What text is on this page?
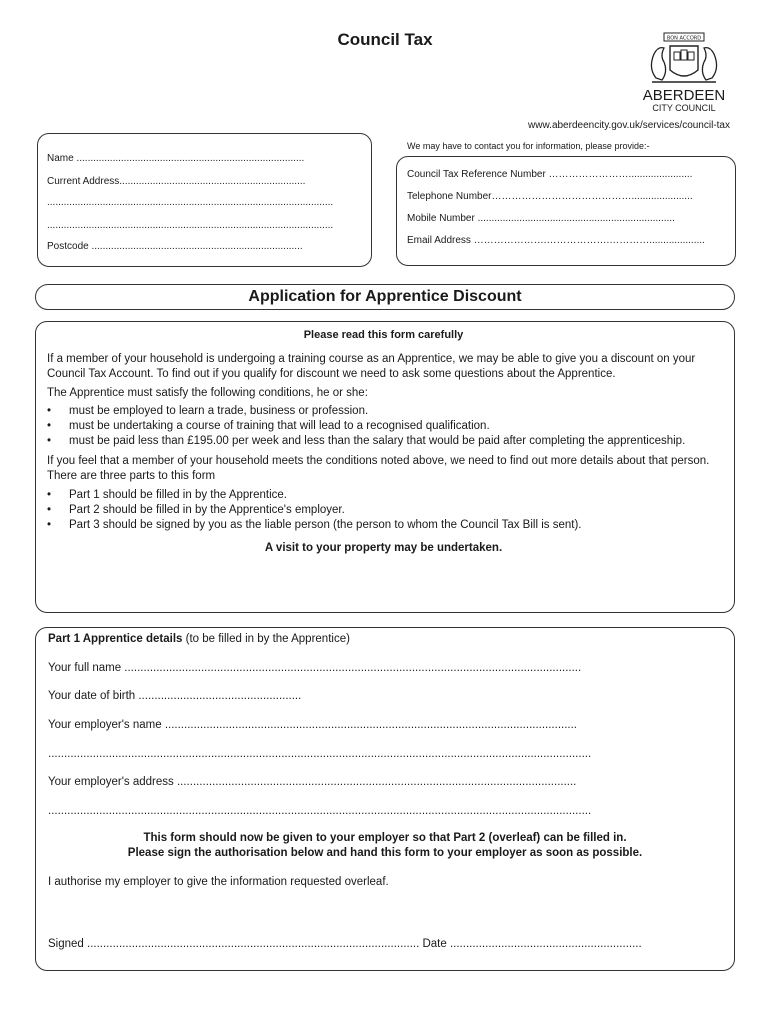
Council Tax	BON ACCORD
ABERDEEN
CITY COUNCIL
www.aberdeencity.gov.uk/services/council-tax
Name ..................................................................................
Current Address...................................................................
.......................................................................................................
.......................................................................................................
Postcode ............................................................................
We may have to contact you for information, please provide:-
Council Tax Reference Number …………………….......................
Telephone Number……………………………………......................
Mobile Number .......................................................................
Email Address ………………….……………….…………....................
Application for Apprentice Discount

Please read this form carefully

If a member of your household is undergoing a training course as an Apprentice, we may be able to give you a discount on your Council Tax Account. To find out if you qualify for discount we need to ask some questions about the Apprentice.

The Apprentice must satisfy the following conditions, he or she:

• must be employed to learn a trade, business or profession.
• must be undertaking a course of training that will lead to a recognised qualification.
• must be paid less than £195.00 per week and less than the salary that would be paid after completing the apprenticeship.

If you feel that a member of your household meets the conditions noted above, we need to find out more details about that person. There are three parts to this form

• Part 1 should be filled in by the Apprentice.
• Part 2 should be filled in by the Apprentice's employer.
• Part 3 should be signed by you as the liable person (the person to whom the Council Tax Bill is sent).

A visit to your property may be undertaken.

Part 1 Apprentice details (to be filled in by the Apprentice)
Your full name ...............................................................................................................................................
Your date of birth ...................................................
Your employer's name .................................................................................................................................
..........................................................................................................................................................................
Your employer's address .............................................................................................................................
..........................................................................................................................................................................
This form should now be given to your employer so that Part 2 (overleaf) can be filled in.
Please sign the authorisation below and hand this form to your employer as soon as possible.
I authorise my employer to give the information requested overleaf.
Signed ........................................................................................................ Date ............................................................
